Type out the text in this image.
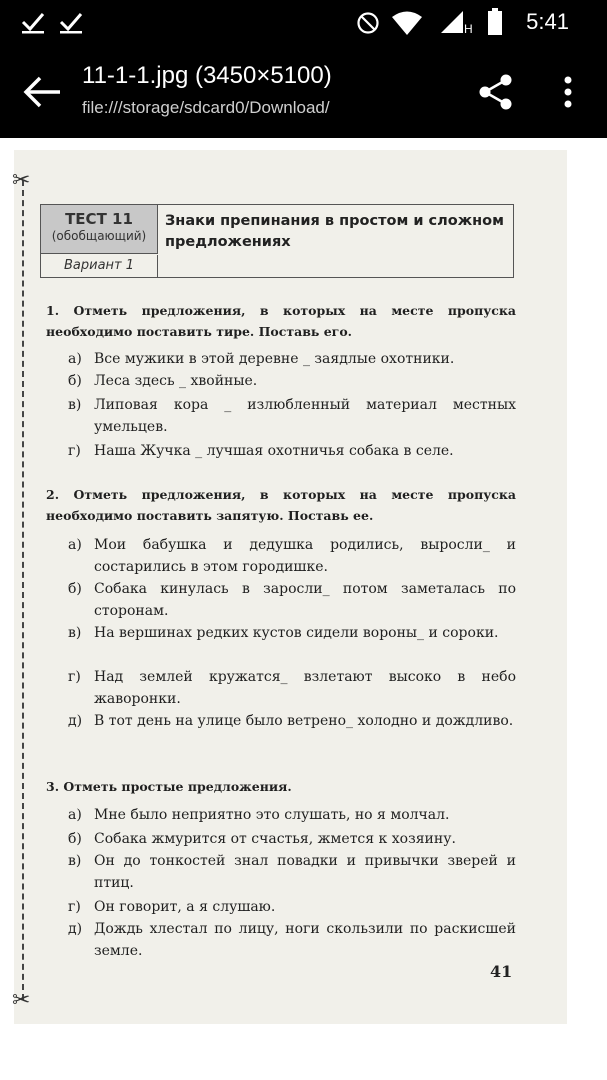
H 5:41
11-1-1.jpg (3450×5100)
file:///storage/sdcard0/Download/
✂
✂
ТЕСТ 11
(обобщающий)
Вариант 1
Знаки препинания в простом и сложном предложениях
1. Отметь предложения, в которых на месте пропуска необходимо поставить тире. Поставь его.
а) Все мужики в этой деревне _ заядлые охотники.
б) Леса здесь _ хвойные.
в) Липовая кора _ излюбленный материал местных умельцев.
г) Наша Жучка _ лучшая охотничья собака в селе.
2. Отметь предложения, в которых на месте пропуска необходимо поставить запятую. Поставь ее.
а) Мои бабушка и дедушка родились, выросли_ и состарились в этом городишке.
б) Собака кинулась в заросли_ потом заметалась по сторонам.
в) На вершинах редких кустов сидели вороны_ и сороки.
г) Над землей кружатся_ взлетают высоко в небо жаворонки.
д) В тот день на улице было ветрено_ холодно и дождливо.
3. Отметь простые предложения.
а) Мне было неприятно это слушать, но я молчал.
б) Собака жмурится от счастья, жмется к хозяину.
в) Он до тонкостей знал повадки и привычки зверей и птиц.
г) Он говорит, а я слушаю.
д) Дождь хлестал по лицу, ноги скользили по раскисшей земле.
41
